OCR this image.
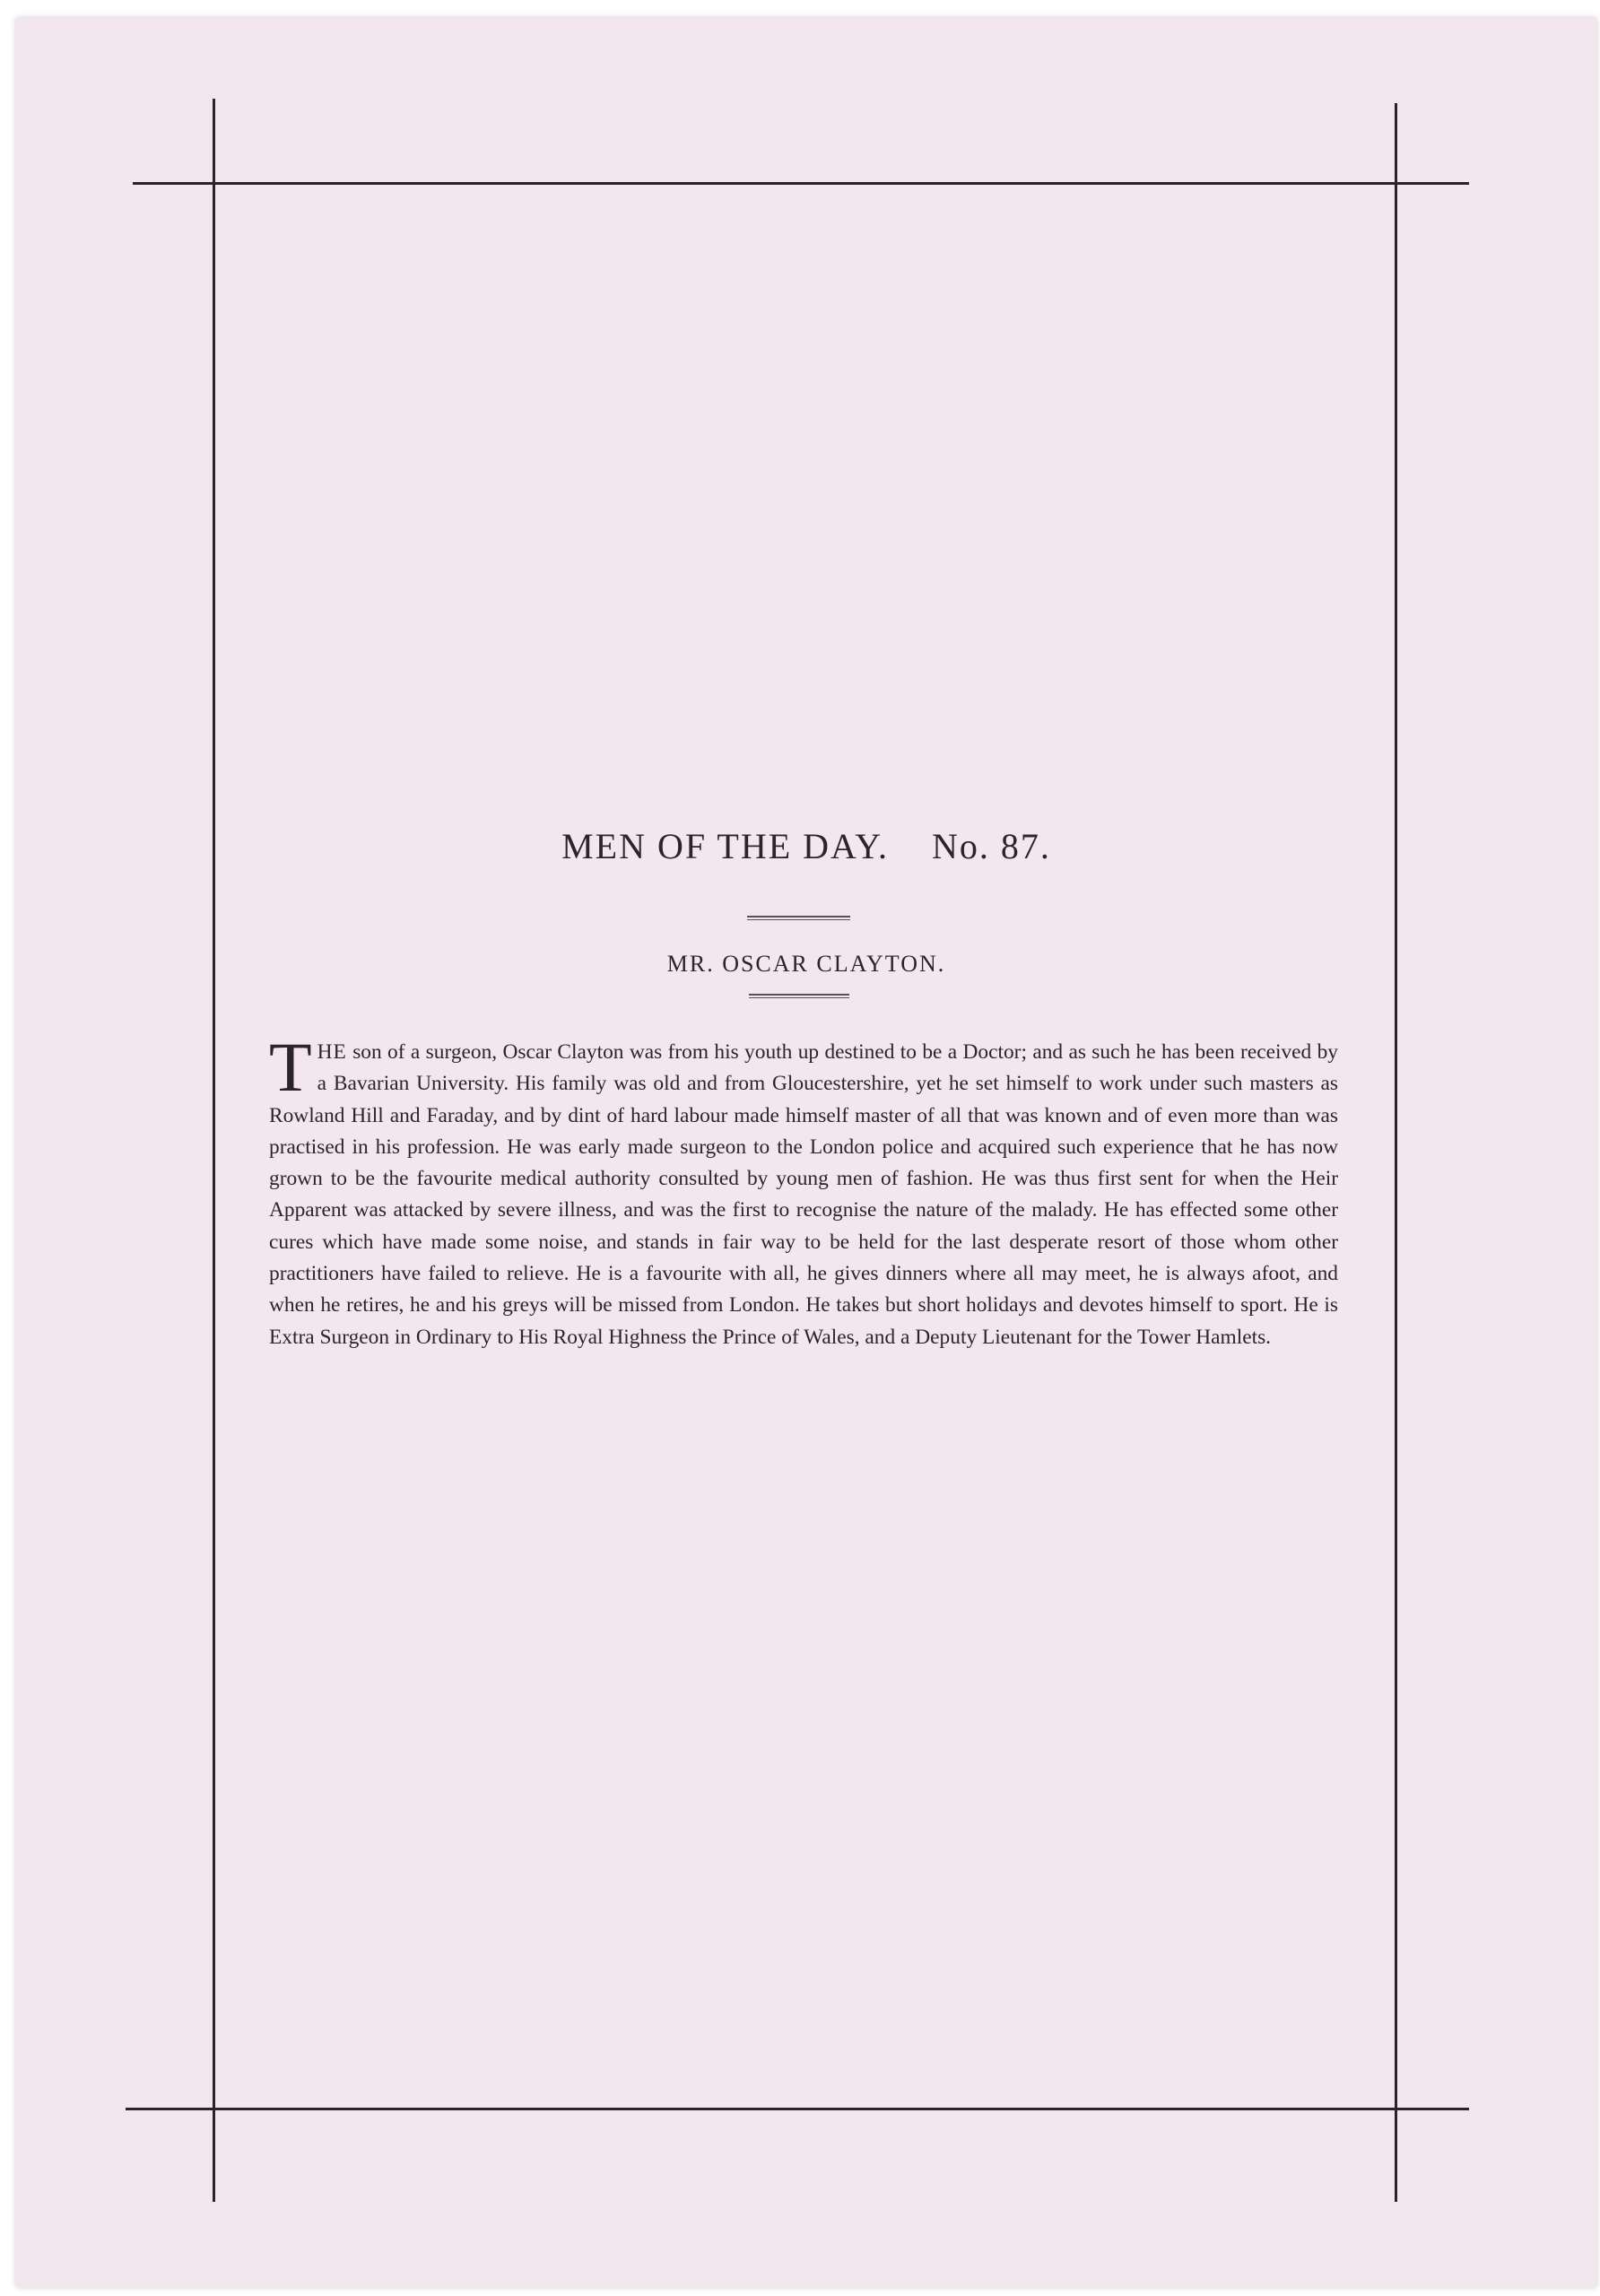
MEN OF THE DAY. No. 87.
MR. OSCAR CLAYTON.

THE son of a surgeon, Oscar Clayton was from his youth up destined to be a Doctor; and as such he has been received by a Bavarian University. His family was old and from Gloucestershire, yet he set himself to work under such masters as Rowland Hill and Faraday, and by dint of hard labour made himself master of all that was known and of even more than was practised in his profession. He was early made surgeon to the London police and acquired such experience that he has now grown to be the favourite medical authority consulted by young men of fashion. He was thus first sent for when the Heir Apparent was attacked by severe illness, and was the first to recognise the nature of the malady. He has effected some other cures which have made some noise, and stands in fair way to be held for the last desperate resort of those whom other practitioners have failed to relieve. He is a favourite with all, he gives dinners where all may meet, he is always afoot, and when he retires, he and his greys will be missed from London. He takes but short holidays and devotes himself to sport. He is Extra Surgeon in Ordinary to His Royal Highness the Prince of Wales, and a Deputy Lieutenant for the Tower Hamlets.
